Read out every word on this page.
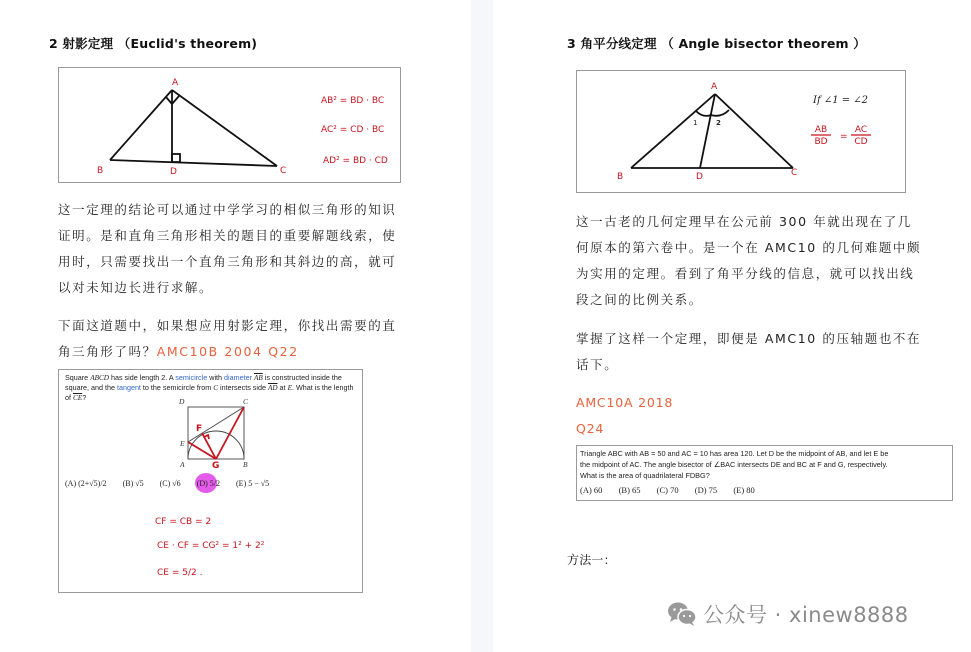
2 射影定理 （Euclid's theorem)
A
B	C
D
AB² = BD · BC
AC² = CD · BC
AD² = BD · CD
这一定理的结论可以通过中学学习的相似三角形的知识
证明。是和直角三角形相关的题目的重要解题线索，使
用时，只需要找出一个直角三角形和其斜边的高，就可
以对未知边长进行求解。
下面这道题中，如果想应用射影定理，你找出需要的直
角三角形了吗？AMC10B 2004 Q22
Square ABCD has side length 2. A semicircle with diameter $\overline{AB}$ is constructed inside the square, and the tangent to the semicircle from C intersects side $\overline{AD}$ at E. What is the length of $\overline{CE}$?	D	C
E
A	B
F
G
CF = CB = 2
CE · CF = CG² = 1² + 2²
CE = 5/2 .
(A) (2+√5)/2 (B) √5 (C) √6 (D) 5/2 (E) 5 − √5
3 角平分线定理 （ Angle bisector theorem ）
A
B	C
D
1	2
If ∠1 = ∠2
AB
BD =
AC
CD
这一古老的几何定理早在公元前 300 年就出现在了几
何原本的第六卷中。是一个在 AMC10 的几何难题中颇
为实用的定理。看到了角平分线的信息，就可以找出线
段之间的比例关系。
掌握了这样一个定理，即便是 AMC10 的压轴题也不在
话下。
AMC10A 2018
Q24
Triangle ABC with AB = 50 and AC = 10 has area 120. Let D be the midpoint of AB, and let E be
the midpoint of AC. The angle bisector of ∠BAC intersects DE and BC at F and G, respectively.
What is the area of quadrilateral FDBG?
(A) 60 (B) 65 (C) 70 (D) 75 (E) 80
方法一：
公众号 · xinew8888
